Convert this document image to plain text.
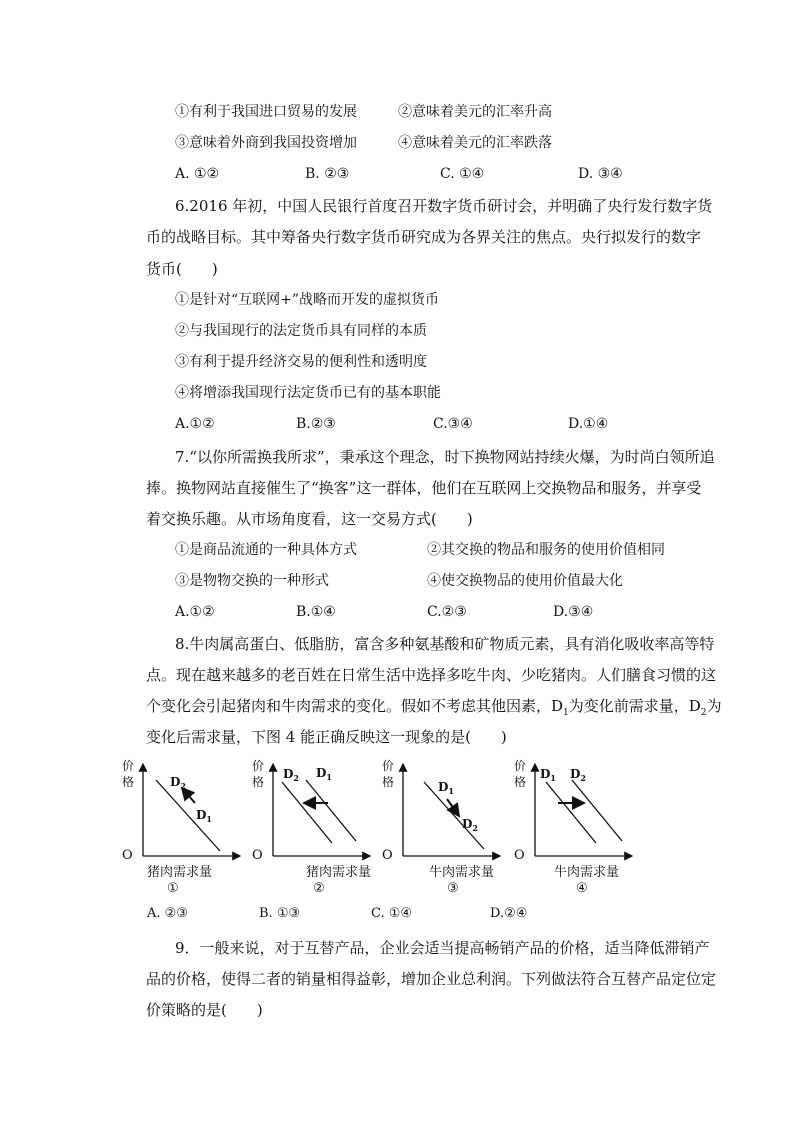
①有利于我国进口贸易的发展	②意味着美元的汇率升高
③意味着外商到我国投资增加	④意味着美元的汇率跌落
A. ①②	B. ②③	C. ①④	D. ③④
6.2016 年初，中国人民银行首度召开数字货币研讨会，并明确了央行发行数字货
币的战略目标。其中筹备央行数字货币研究成为各界关注的焦点。央行拟发行的数字
货币(　　)
①是针对“互联网+”战略而开发的虚拟货币
②与我国现行的法定货币具有同样的本质
③有利于提升经济交易的便利性和透明度
④将增添我国现行法定货币已有的基本职能
A.①②	B.②③	C.③④	D.①④
7.“以你所需换我所求”，秉承这个理念，时下换物网站持续火爆，为时尚白领所追
捧。换物网站直接催生了“换客”这一群体，他们在互联网上交换物品和服务，并享受
着交换乐趣。从市场角度看，这一交易方式(　　)
①是商品流通的一种具体方式	②其交换的物品和服务的使用价值相同
③是物物交换的一种形式	④使交换物品的使用价值最大化
A.①②	B.①④	C.②③	D.③④
8.牛肉属高蛋白、低脂肪，富含多种氨基酸和矿物质元素，具有消化吸收率高等特
点。现在越来越多的老百姓在日常生活中选择多吃牛肉、少吃猪肉。人们膳食习惯的这
个变化会引起猪肉和牛肉需求的变化。假如不考虑其他因素，$D_1$为变化前需求量，$D_2$为
变化后需求量，下图 4 能正确反映这一现象的是(　　)
$D_2$
$D_1$
价格
O
猪肉需求量
①
$D_2$ $D_1$
价格
O
猪肉需求量
②
$D_1$
$D_2$
价格
O
牛肉需求量
③
$D_1$ $D_2$
价格
O
牛肉需求量
④
A. ②③	B. ①③	C. ①④	D.②④
9．一般来说，对于互替产品，企业会适当提高畅销产品的价格，适当降低滞销产
品的价格，使得二者的销量相得益彰，增加企业总利润。下列做法符合互替产品定位定
价策略的是(　　)
